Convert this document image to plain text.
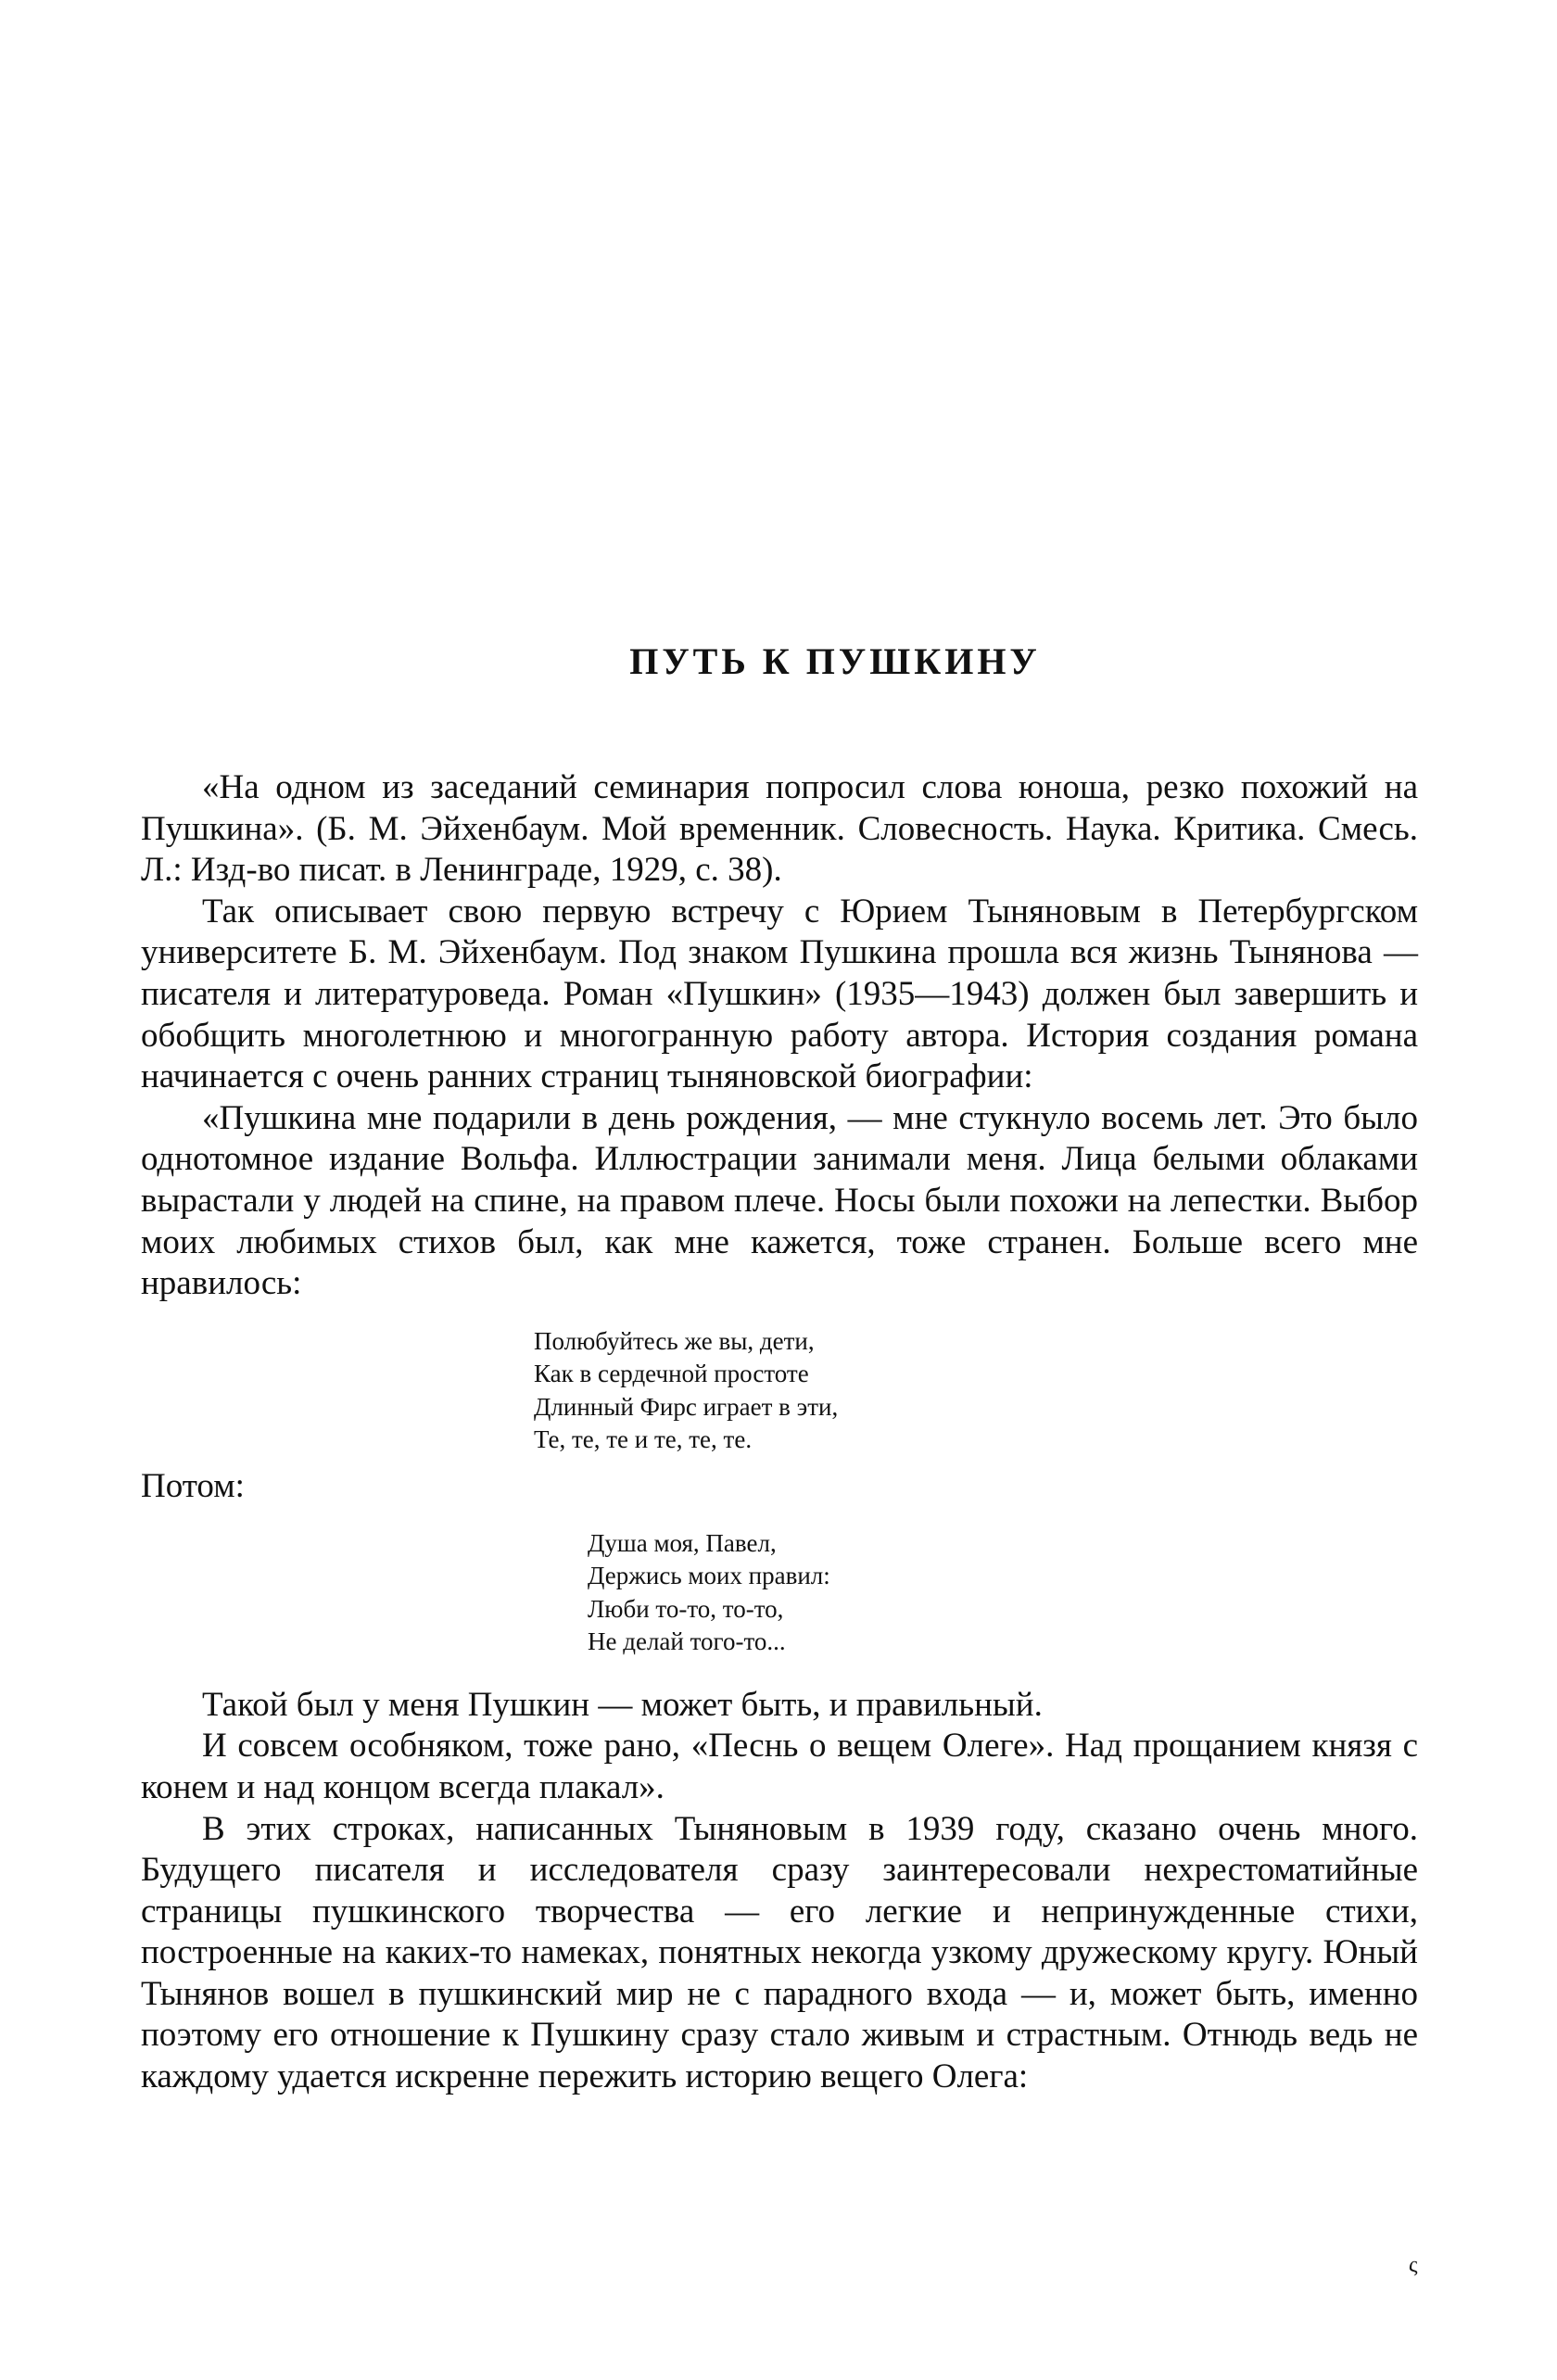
ПУТЬ К ПУШКИНУ

«На одном из заседаний семинария попросил слова юноша, резко похожий на Пушкина». (Б. М. Эйхенбаум. Мой временник. Словесность. Наука. Критика. Смесь. Л.: Изд-во писат. в Ленинграде, 1929, с. 38).

Так описывает свою первую встречу с Юрием Тыняновым в Петербургском университете Б. М. Эйхенбаум. Под знаком Пушкина прошла вся жизнь Тынянова — писателя и литературоведа. Роман «Пушкин» (1935—1943) должен был завершить и обобщить многолетнюю и многогранную работу автора. История создания романа начинается с очень ранних страниц тыняновской биографии:

«Пушкина мне подарили в день рождения, — мне стукнуло восемь лет. Это было однотомное издание Вольфа. Иллюстрации занимали меня. Лица белыми облаками вырастали у людей на спине, на правом плече. Носы были похожи на лепестки. Выбор моих любимых стихов был, как мне кажется, тоже странен. Больше всего мне нравилось:

Полюбуйтесь же вы, дети,
Как в сердечной простоте
Длинный Фирс играет в эти,
Те, те, те и те, те, те.

Потом:

Душа моя, Павел,
Держись моих правил:
Люби то-то, то-то,
Не делай того-то...

Такой был у меня Пушкин — может быть, и правильный.

И совсем особняком, тоже рано, «Песнь о вещем Олеге». Над прощанием князя с конем и над концом всегда плакал».

В этих строках, написанных Тыняновым в 1939 году, сказано очень много. Будущего писателя и исследователя сразу заинтересовали нехрестоматийные страницы пушкинского творчества — его легкие и непринужденные стихи, построенные на каких-то намеках, понятных некогда узкому дружескому кругу. Юный Тынянов вошел в пушкинский мир не с парадного входа — и, может быть, именно поэтому его отношение к Пушкину сразу стало живым и страстным. Отнюдь ведь не каждому удается искренне пережить историю вещего Олега:

ς
